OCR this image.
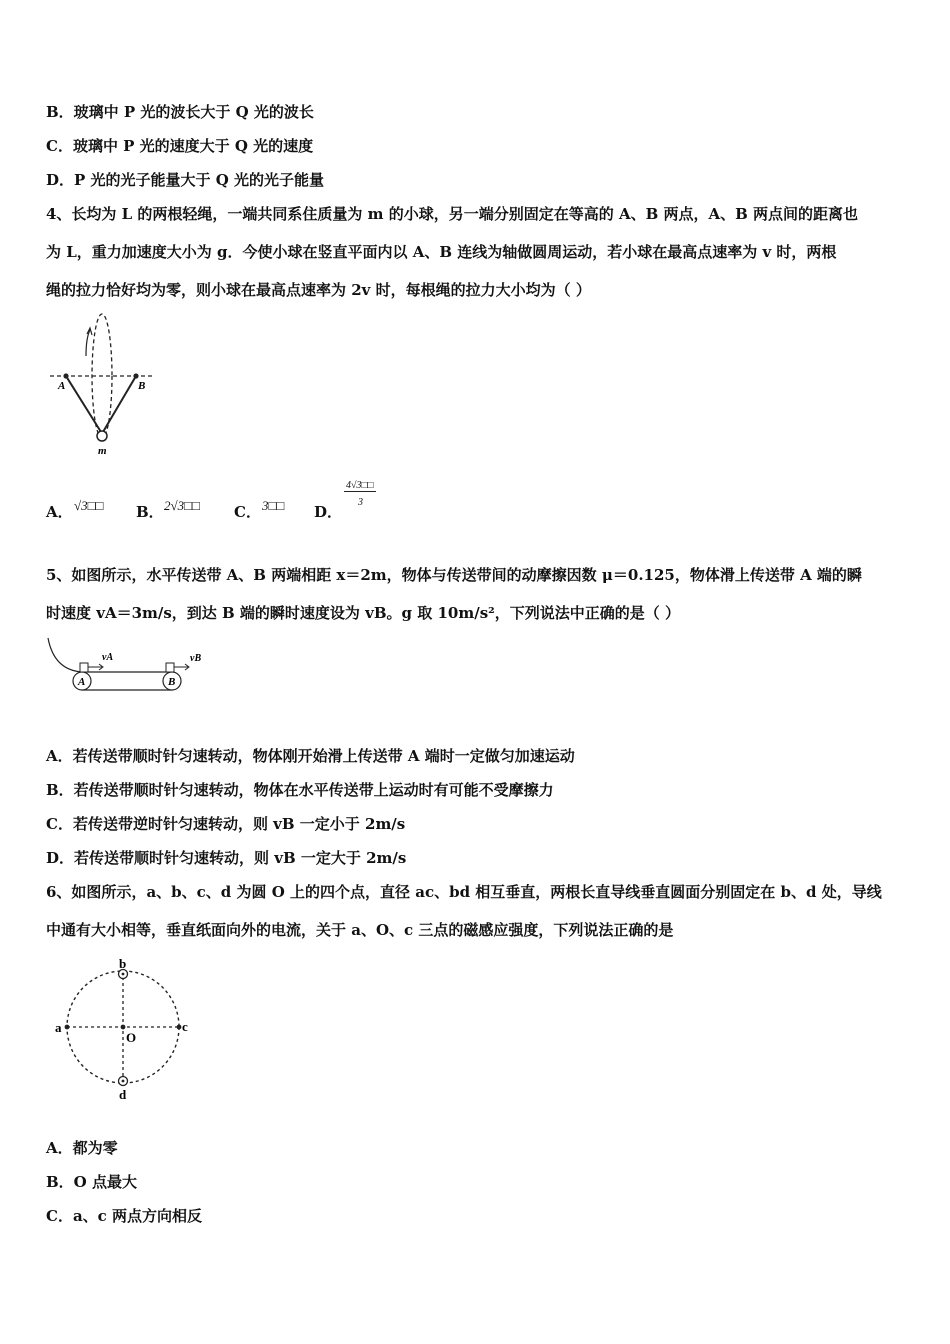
B．玻璃中 P 光的波长大于 Q 光的波长
C．玻璃中 P 光的速度大于 Q 光的速度
D．P 光的光子能量大于 Q 光的光子能量
4、长均为 L 的两根轻绳，一端共同系住质量为 m 的小球，另一端分别固定在等高的 A、B 两点，A、B 两点间的距离也
为 L，重力加速度大小为 g．今使小球在竖直平面内以 A、B 连线为轴做圆周运动，若小球在最高点速率为 v 时，两根
绳的拉力恰好均为零，则小球在最高点速率为 2v 时，每根绳的拉力大小均为（ ）
A	B
m
A． √3□□ B． 2√3□□ C． 3□□ D．
4√3□□
3
5、如图所示，水平传送带 A、B 两端相距 x＝2m，物体与传送带间的动摩擦因数 μ＝0.125，物体滑上传送带 A 端的瞬
时速度 vA＝3m/s，到达 B 端的瞬时速度设为 vB。g 取 10m/s²，下列说法中正确的是（ ）
A	B
vA	vB
A．若传送带顺时针匀速转动，物体刚开始滑上传送带 A 端时一定做匀加速运动
B．若传送带顺时针匀速转动，物体在水平传送带上运动时有可能不受摩擦力
C．若传送带逆时针匀速转动，则 vB 一定小于 2m/s
D．若传送带顺时针匀速转动，则 vB 一定大于 2m/s
6、如图所示，a、b、c、d 为圆 O 上的四个点，直径 ac、bd 相互垂直，两根长直导线垂直圆面分别固定在 b、d 处，导线
中通有大小相等，垂直纸面向外的电流，关于 a、O、c 三点的磁感应强度，下列说法正确的是
a
b
c
d
O
A．都为零
B．O 点最大
C．a、c 两点方向相反
